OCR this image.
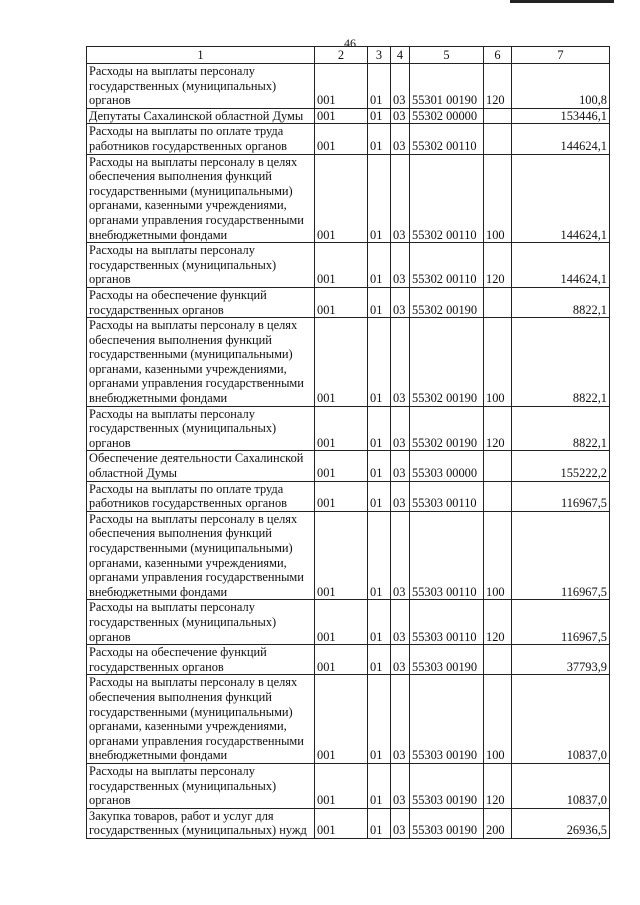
46
1	2	3	4	5	6	7
Расходы на выплаты персоналу государственных (муниципальных) органов	001	01	03	55301 00190	120	100,8
Депутаты Сахалинской областной Думы	001	01	03	55302 00000		153446,1
Расходы на выплаты по оплате труда работников государственных органов	001	01	03	55302 00110		144624,1
Расходы на выплаты персоналу в целях обеспечения выполнения функций государственными (муниципальными) органами, казенными учреждениями, органами управления государственными внебюджетными фондами	001	01	03	55302 00110	100	144624,1
Расходы на выплаты персоналу государственных (муниципальных) органов	001	01	03	55302 00110	120	144624,1
Расходы на обеспечение функций государственных органов	001	01	03	55302 00190		8822,1
Расходы на выплаты персоналу в целях обеспечения выполнения функций государственными (муниципальными) органами, казенными учреждениями, органами управления государственными внебюджетными фондами	001	01	03	55302 00190	100	8822,1
Расходы на выплаты персоналу государственных (муниципальных) органов	001	01	03	55302 00190	120	8822,1
Обеспечение деятельности Сахалинской областной Думы	001	01	03	55303 00000		155222,2
Расходы на выплаты по оплате труда работников государственных органов	001	01	03	55303 00110		116967,5
Расходы на выплаты персоналу в целях обеспечения выполнения функций государственными (муниципальными) органами, казенными учреждениями, органами управления государственными внебюджетными фондами	001	01	03	55303 00110	100	116967,5
Расходы на выплаты персоналу государственных (муниципальных) органов	001	01	03	55303 00110	120	116967,5
Расходы на обеспечение функций государственных органов	001	01	03	55303 00190		37793,9
Расходы на выплаты персоналу в целях обеспечения выполнения функций государственными (муниципальными) органами, казенными учреждениями, органами управления государственными внебюджетными фондами	001	01	03	55303 00190	100	10837,0
Расходы на выплаты персоналу государственных (муниципальных) органов	001	01	03	55303 00190	120	10837,0
Закупка товаров, работ и услуг для государственных (муниципальных) нужд	001	01	03	55303 00190	200	26936,5
